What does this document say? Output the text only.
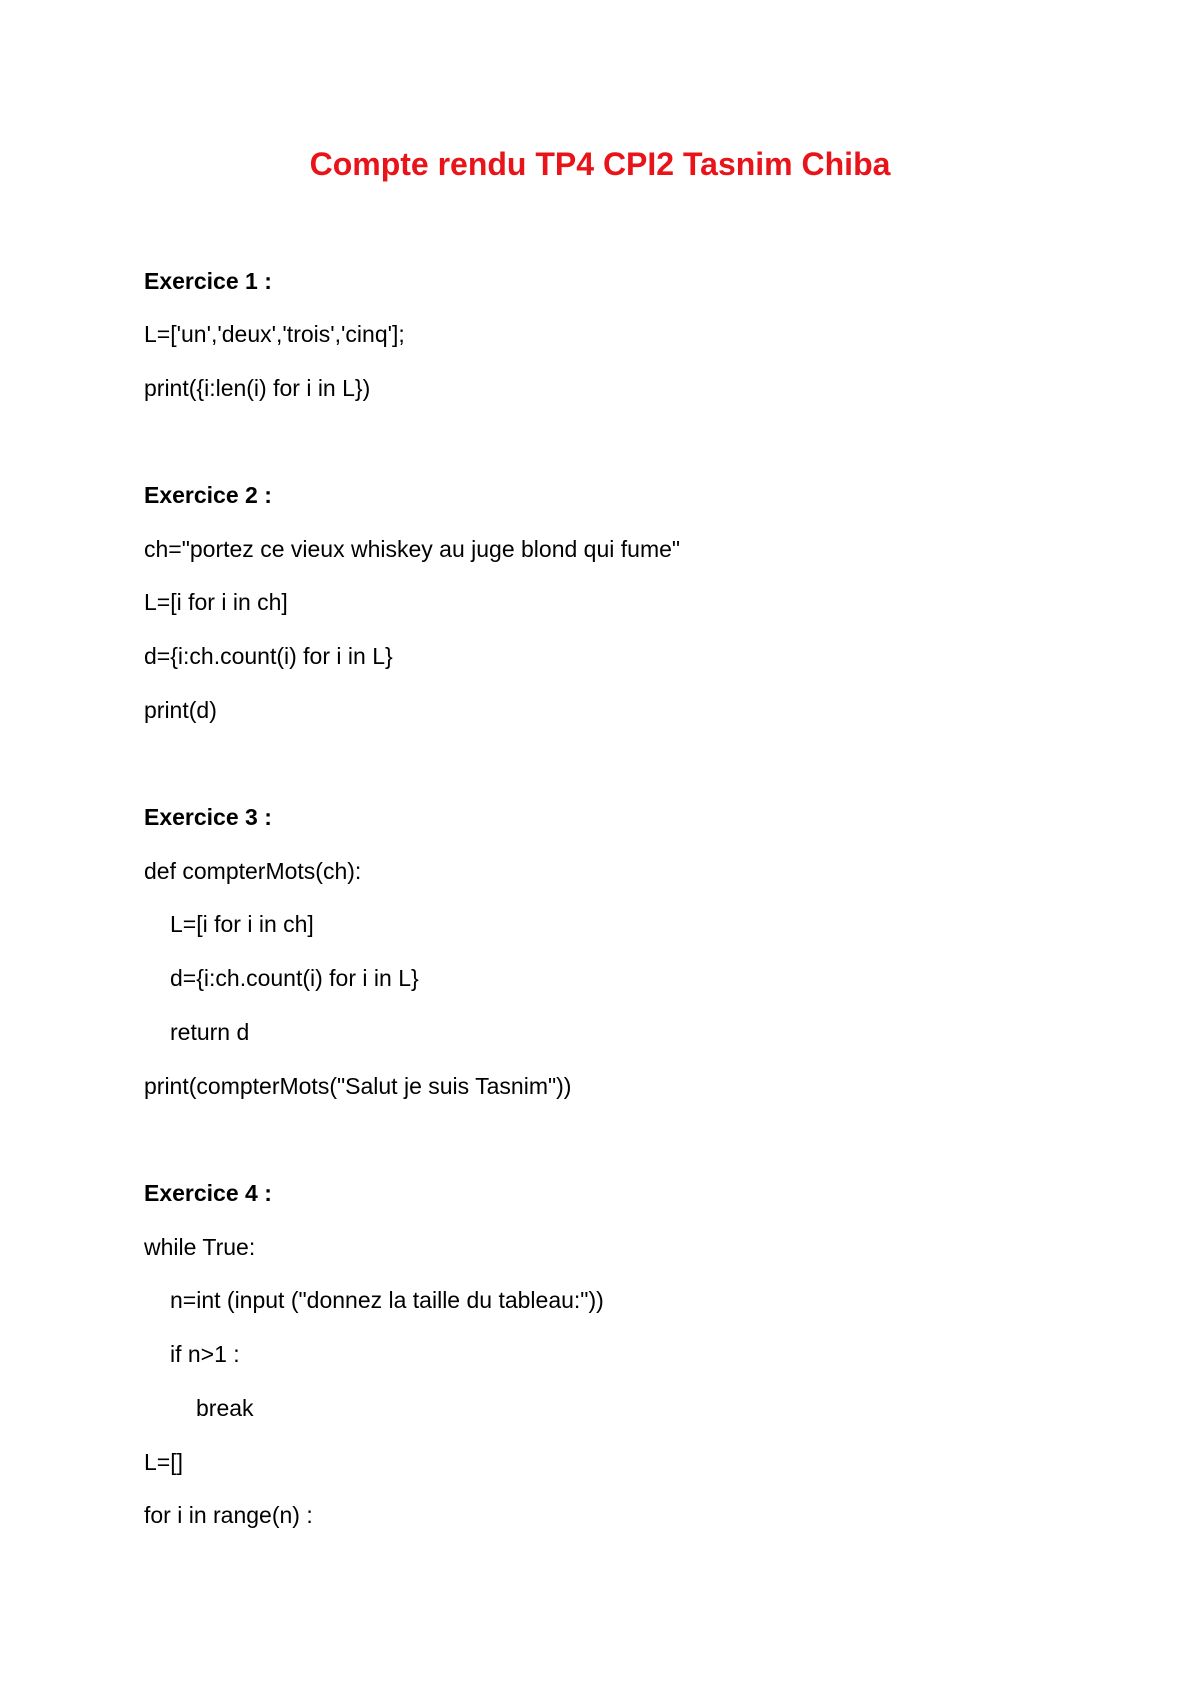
Compte rendu TP4 CPI2 Tasnim Chiba
Exercice 1 :
L=['un','deux','trois','cinq'];
print({i:len(i) for i in L})
Exercice 2 :
ch="portez ce vieux whiskey au juge blond qui fume"
L=[i for i in ch]
d={i:ch.count(i) for i in L}
print(d)
Exercice 3 :
def compterMots(ch):
L=[i for i in ch]
d={i:ch.count(i) for i in L}
return d
print(compterMots("Salut je suis Tasnim"))
Exercice 4 :
while True:
n=int (input ("donnez la taille du tableau:"))
if n>1 :
break
L=[]
for i in range(n) :
